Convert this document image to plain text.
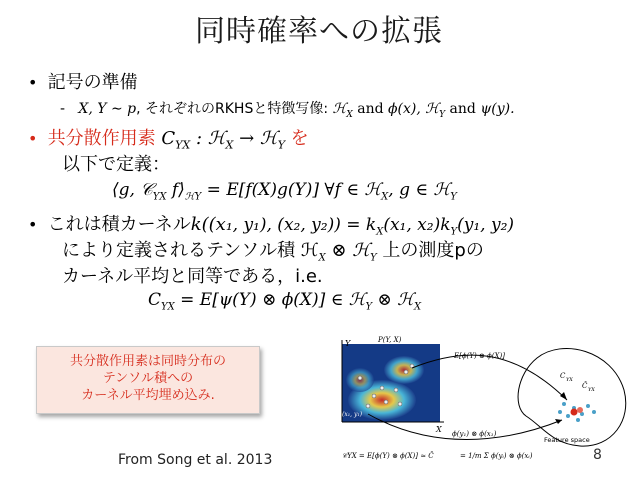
同時確率への拡張
•  記号の準備
- X, Y ∼ p, それぞれのRKHSと特徴写像: ℋ$_X$ and ϕ(x), ℋ$_Y$ and ψ(y).
•  共分散作用素 $C_{YX}$ : ℋ$_X$ → ℋ$_Y$ を
以下で定義：
⟨g, 𝒞$_{YX}$ $f⟩_{ℋY} = E[f(X)g(Y)]$ ∀f ∈ ℋ$_X$, g ∈ ℋ$_Y$
•  これは積カーネルk((x₁, y₁), (x₂, $y_2)) = k_X(x_1$, $x_2)k_Y(y_1$, y₂)
により定義されるテンソル積 ℋ$_X$ ⊗ ℋ$_Y$ 上の測度pの
カーネル平均と同等である，i.e.
$C_{YX} = E[\psi(Y)$ ⊗ ϕ(X)] ∈ ℋ$_Y$ ⊗ ℋ$_X$
共分散作用素は同時分布の
テンソル積への
カーネル平均埋め込み.
From Song et al. 2013
Y
X
P(Y, X)
(x₁, y₁)
C YX
Ĉ YX
Feature space
E[ϕ(Y) ⊗ ϕ(X)]
ϕ(y₁) ⊗ ϕ(x₁)
𝒞YX = E[ϕ(Y) ⊗ ϕ(X)] ≈ Ĉ	= 1/m Σ ϕ(yᵢ) ⊗ ϕ(xᵢ)	8
